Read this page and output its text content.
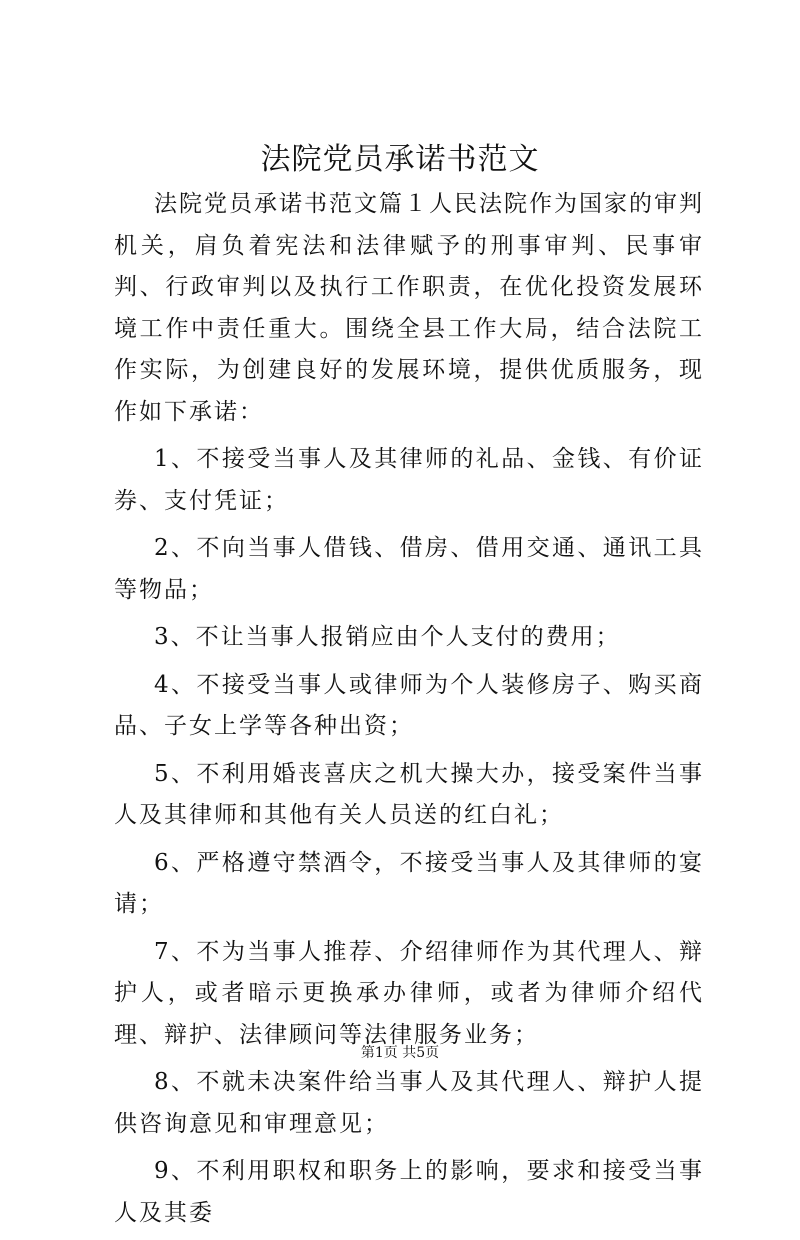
法院党员承诺书范文

法院党员承诺书范文篇１人民法院作为国家的审判机关，肩负着宪法和法律赋予的刑事审判、民事审判、行政审判以及执行工作职责，在优化投资发展环境工作中责任重大。围绕全县工作大局，结合法院工作实际，为创建良好的发展环境，提供优质服务，现作如下承诺：

1、不接受当事人及其律师的礼品、金钱、有价证券、支付凭证；

2、不向当事人借钱、借房、借用交通、通讯工具等物品；

3、不让当事人报销应由个人支付的费用；

4、不接受当事人或律师为个人装修房子、购买商品、子女上学等各种出资；

5、不利用婚丧喜庆之机大操大办，接受案件当事人及其律师和其他有关人员送的红白礼；

6、严格遵守禁酒令，不接受当事人及其律师的宴请；

7、不为当事人推荐、介绍律师作为其代理人、辩护人，或者暗示更换承办律师，或者为律师介绍代理、辩护、法律顾问等法律服务业务；

8、不就未决案件给当事人及其代理人、辩护人提供咨询意见和审理意见；

9、不利用职权和职务上的影响，要求和接受当事人及其委

第1页 共5页
